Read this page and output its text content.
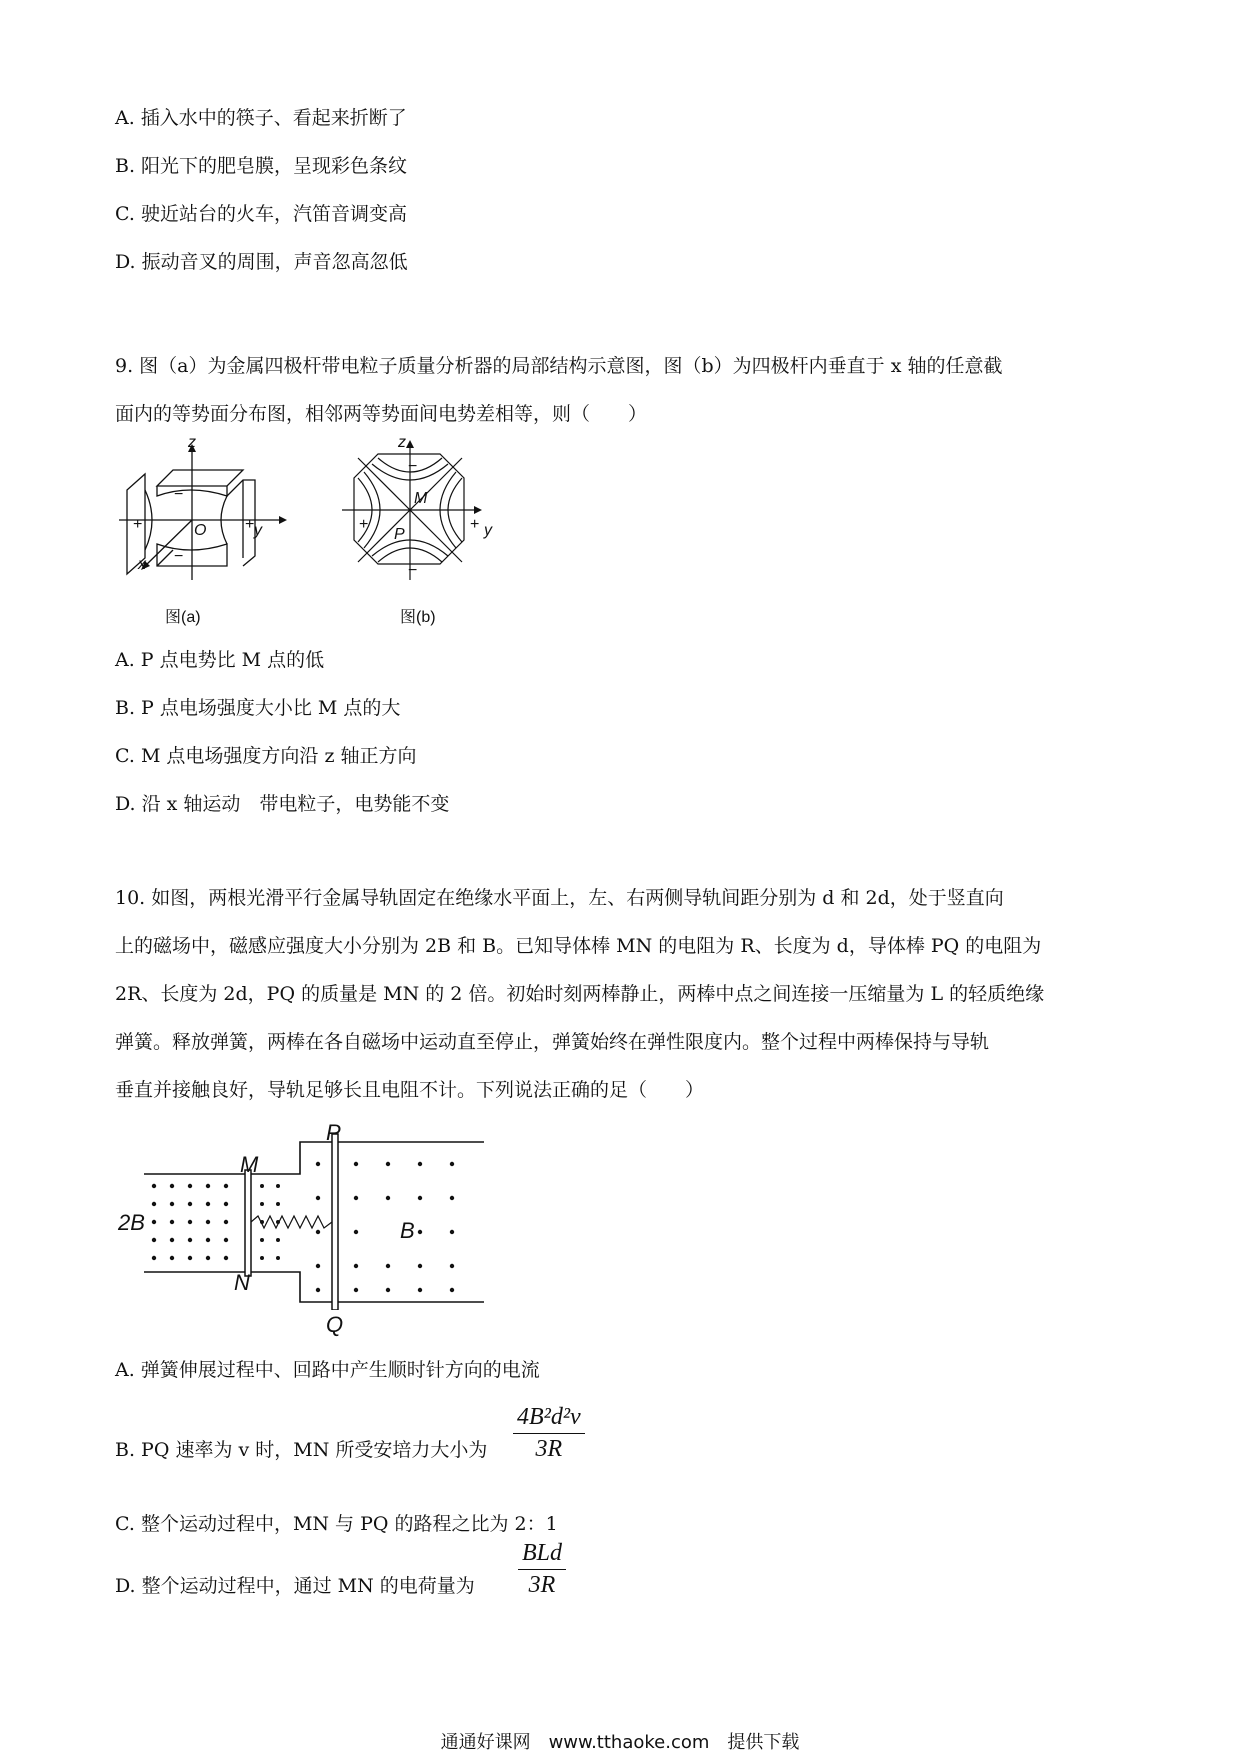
A. 插入水中的筷子、看起来折断了
B. 阳光下的肥皂膜，呈现彩色条纹
C. 驶近站台的火车，汽笛音调变高
D. 振动音叉的周围，声音忽高忽低
9. 图（a）为金属四极杆带电粒子质量分析器的局部结构示意图，图（b）为四极杆内垂直于 x 轴的任意截
面内的等势面分布图，相邻两等势面间电势差相等，则（　　）
z
y
x
O
+	+
−
−
图(a)
z
y
M
P
+	+
−
−
图(b)
A. P 点电势比 M 点的低
B. P 点电场强度大小比 M 点的大
C. M 点电场强度方向沿 z 轴正方向
D. 沿 x 轴运动　带电粒子，电势能不变
10. 如图，两根光滑平行金属导轨固定在绝缘水平面上，左、右两侧导轨间距分别为 d 和 2d，处于竖直向
上的磁场中，磁感应强度大小分别为 2B 和 B。已知导体棒 MN 的电阻为 R、长度为 d，导体棒 PQ 的电阻为
2R、长度为 2d，PQ 的质量是 MN 的 2 倍。初始时刻两棒静止，两棒中点之间连接一压缩量为 L 的轻质绝缘
弹簧。释放弹簧，两棒在各自磁场中运动直至停止，弹簧始终在弹性限度内。整个过程中两棒保持与导轨
垂直并接触良好，导轨足够长且电阻不计。下列说法正确的足（　　）
P
Q
M
N
2B	B
A. 弹簧伸展过程中、回路中产生顺时针方向的电流
B. PQ 速率为 v 时，MN 所受安培力大小为 $\frac{\text{4B²d²v}}{3R}$
C. 整个运动过程中，MN 与 PQ 的路程之比为 2：1
D. 整个运动过程中，通过 MN 的电荷量为
BLd
3R
通通好课网　www.tthaoke.com　提供下载
